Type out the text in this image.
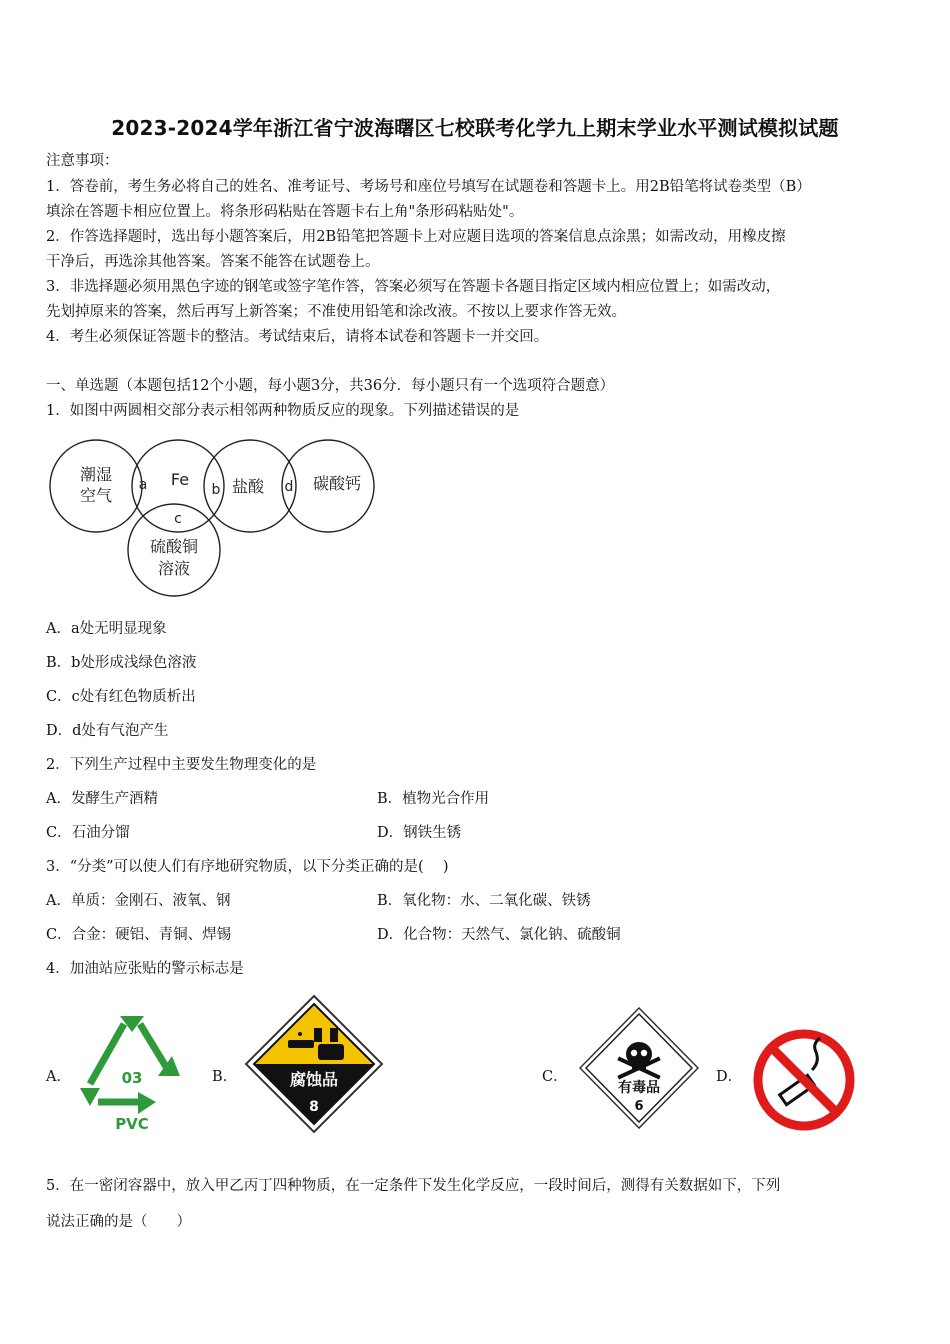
2023-2024学年浙江省宁波海曙区七校联考化学九上期末学业水平测试模拟试题
注意事项：
1．答卷前，考生务必将自己的姓名、准考证号、考场号和座位号填写在试题卷和答题卡上。用2B铅笔将试卷类型（B）
填涂在答题卡相应位置上。将条形码粘贴在答题卡右上角"条形码粘贴处"。
2．作答选择题时，选出每小题答案后，用2B铅笔把答题卡上对应题目选项的答案信息点涂黑；如需改动，用橡皮擦
干净后，再选涂其他答案。答案不能答在试题卷上。
3．非选择题必须用黑色字迹的钢笔或签字笔作答，答案必须写在答题卡各题目指定区域内相应位置上；如需改动，
先划掉原来的答案，然后再写上新答案；不准使用铅笔和涂改液。不按以上要求作答无效。
4．考生必须保证答题卡的整洁。考试结束后，请将本试卷和答题卡一并交回。
一、单选题（本题包括12个小题，每小题3分，共36分．每小题只有一个选项符合题意）
1．如图中两圆相交部分表示相邻两种物质反应的现象。下列描述错误的是
潮湿
空气
Fe	盐酸	碳酸钙
硫酸铜
溶液
a	b	d
c
A．a处无明显现象
B．b处形成浅绿色溶液
C．c处有红色物质析出
D．d处有气泡产生
2．下列生产过程中主要发生物理变化的是
A．发酵生产酒精	B．植物光合作用
C．石油分馏	D．钢铁生锈
3．“分类”可以使人们有序地研究物质，以下分类正确的是(　 )
A．单质：金刚石、液氧、钢	B．氧化物：水、二氧化碳、铁锈
C．合金：硬铝、青铜、焊锡	D．化合物：天然气、氯化钠、硫酸铜
4．加油站应张贴的警示标志是
A．	03
PVC
B．	腐蚀品
8
C．
有毒品
6
D．
5．在一密闭容器中，放入甲乙丙丁四种物质，在一定条件下发生化学反应，一段时间后，测得有关数据如下，下列
说法正确的是（　　）
